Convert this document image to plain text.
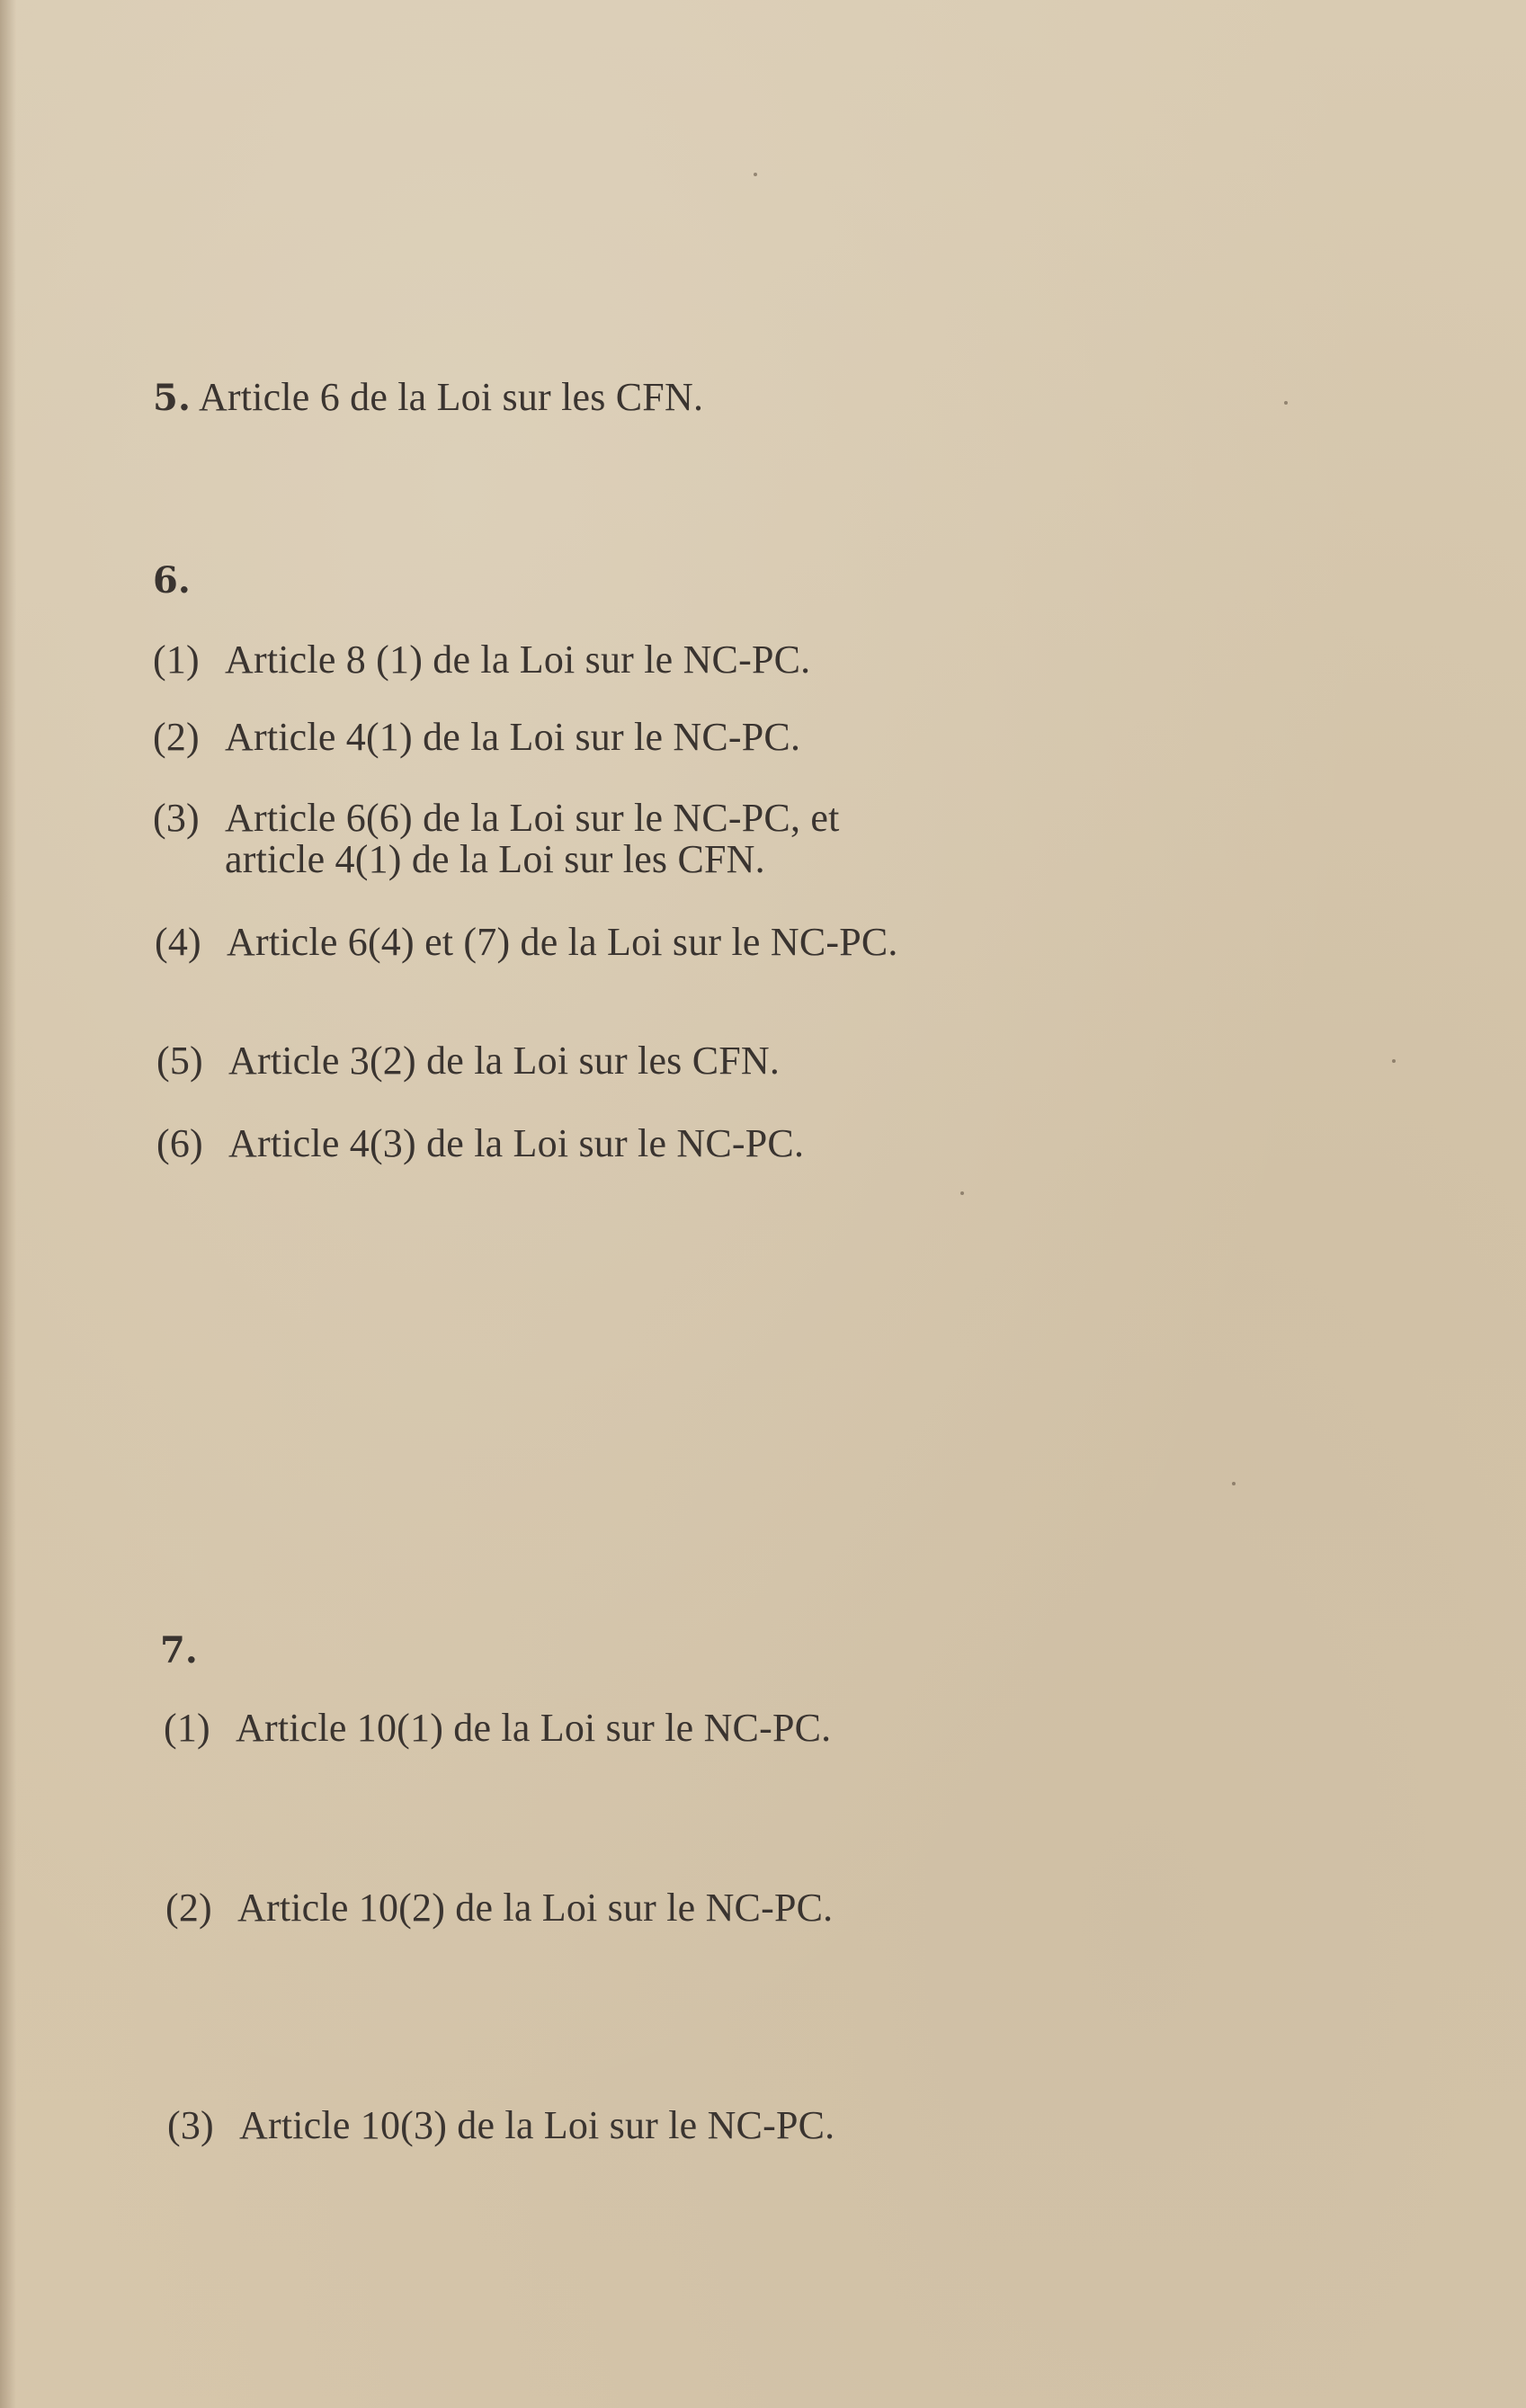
5. Article 6 de la Loi sur les CFN.
6.
(1) Article 8 (1) de la Loi sur le NC-PC.
(2) Article 4(1) de la Loi sur le NC-PC.
(3) Article 6(6) de la Loi sur le NC-PC, et
article 4(1) de la Loi sur les CFN.
(4) Article 6(4) et (7) de la Loi sur le NC-PC.
(5) Article 3(2) de la Loi sur les CFN.
(6) Article 4(3) de la Loi sur le NC-PC.
7.
(1) Article 10(1) de la Loi sur le NC-PC.
(2) Article 10(2) de la Loi sur le NC-PC.
(3) Article 10(3) de la Loi sur le NC-PC.
